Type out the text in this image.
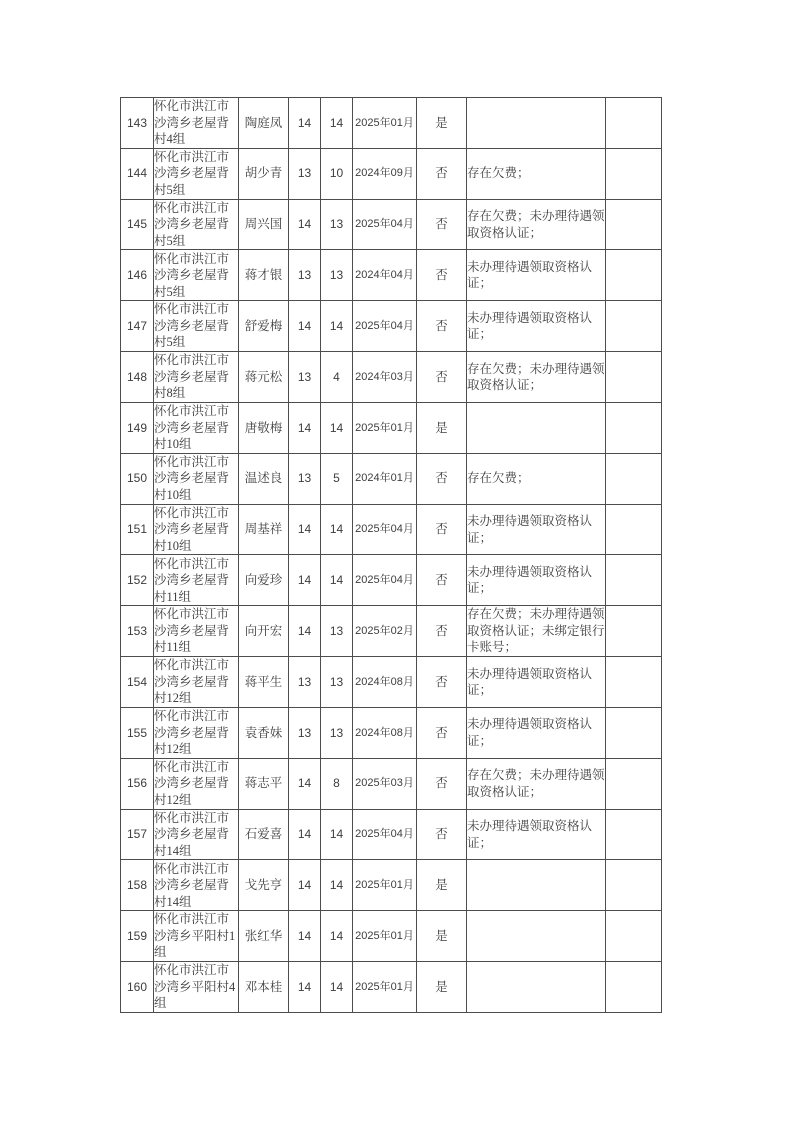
143	怀化市洪江市沙湾乡老屋背村4组	陶庭凤	14	14	2025年01月	是		
144	怀化市洪江市沙湾乡老屋背村5组	胡少青	13	10	2024年09月	否	存在欠费；	
145	怀化市洪江市沙湾乡老屋背村5组	周兴国	14	13	2025年04月	否	存在欠费；未办理待遇领取资格认证；	
146	怀化市洪江市沙湾乡老屋背村5组	蒋才银	13	13	2024年04月	否	未办理待遇领取资格认证；	
147	怀化市洪江市沙湾乡老屋背村5组	舒爱梅	14	14	2025年04月	否	未办理待遇领取资格认证；	
148	怀化市洪江市沙湾乡老屋背村8组	蒋元松	13	4	2024年03月	否	存在欠费；未办理待遇领取资格认证；	
149	怀化市洪江市沙湾乡老屋背村10组	唐敬梅	14	14	2025年01月	是		
150	怀化市洪江市沙湾乡老屋背村10组	温述良	13	5	2024年01月	否	存在欠费；	
151	怀化市洪江市沙湾乡老屋背村10组	周基祥	14	14	2025年04月	否	未办理待遇领取资格认证；	
152	怀化市洪江市沙湾乡老屋背村11组	向爱珍	14	14	2025年04月	否	未办理待遇领取资格认证；	
153	怀化市洪江市沙湾乡老屋背村11组	向开宏	14	13	2025年02月	否	存在欠费；未办理待遇领取资格认证；未绑定银行卡账号；	
154	怀化市洪江市沙湾乡老屋背村12组	蒋平生	13	13	2024年08月	否	未办理待遇领取资格认证；	
155	怀化市洪江市沙湾乡老屋背村12组	袁香妹	13	13	2024年08月	否	未办理待遇领取资格认证；	
156	怀化市洪江市沙湾乡老屋背村12组	蒋志平	14	8	2025年03月	否	存在欠费；未办理待遇领取资格认证；	
157	怀化市洪江市沙湾乡老屋背村14组	石爱喜	14	14	2025年04月	否	未办理待遇领取资格认证；	
158	怀化市洪江市沙湾乡老屋背村14组	戈先亨	14	14	2025年01月	是		
159	怀化市洪江市沙湾乡平阳村1组	张红华	14	14	2025年01月	是		
160	怀化市洪江市沙湾乡平阳村4组	邓本桂	14	14	2025年01月	是		
